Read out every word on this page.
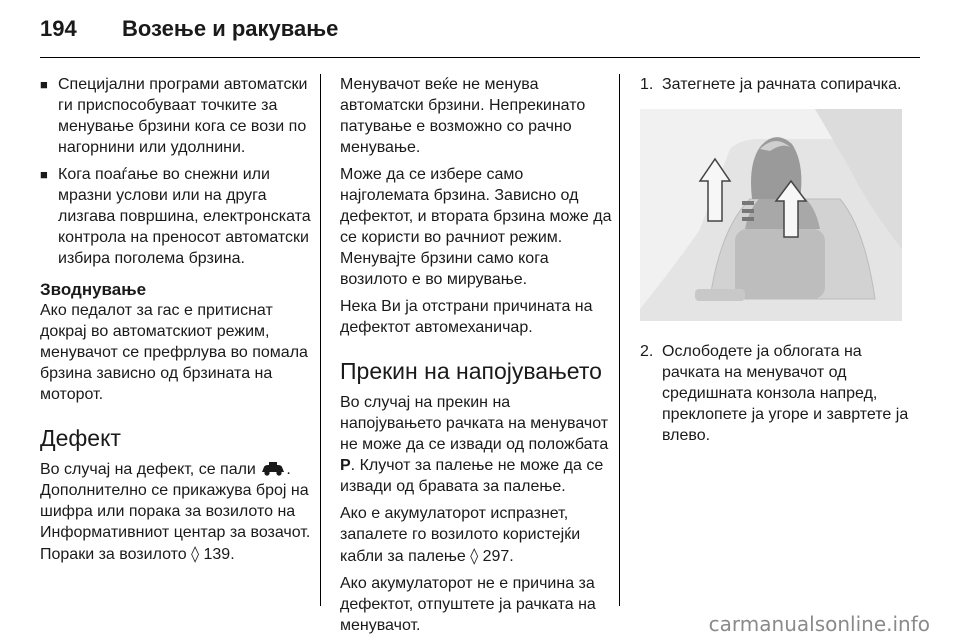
194	Возење и ракување
■ Специјални програми автоматски ги приспособуваат точките за менување брзини кога се вози по нагорнини или удолнини.
■ Кога поаѓање во снежни или мразни услови или на друга лизгава површина, електронската контрола на преносот автоматски избира поголема брзина.
Зводнување

Ако педалот за гас е притиснат докрај во автоматскиот режим, менувачот се префрлува во помала брзина зависно од брзината на моторот.

Дефект

Во случај на дефект, се пали . Дополнително се прикажува број на шифра или порака за возилото на Информативниот центар за возачот. Пораки за возилото ◊ 139.

Менувачот веќе не менува автоматски брзини. Непрекинато патување е возможно со рачно менување.

Може да се избере само најголемата брзина. Зависно од дефектот, и втората брзина може да се користи во рачниот режим. Менувајте брзини само кога возилото е во мирување.

Нека Ви ја отстрани причината на дефектот автомеханичар.

Прекин на напојувањето

Во случај на прекин на напојувањето рачката на менувачот не може да се извади од положбата P. Клучот за палење не може да се извади од бравата за палење.

Ако е акумулаторот испразнет, запалете го возилото користејќи кабли за палење ◊ 297.

Ако акумулаторот не е причина за дефектот, отпуштете ја рачката на менувачот.

1. Затегнете ја рачната сопирачка.
2. Ослободете ја облогата на рачката на менувачот од средишната конзола напред, преклопете ја угоре и завртете ја влево.
carmanualsonline.info
